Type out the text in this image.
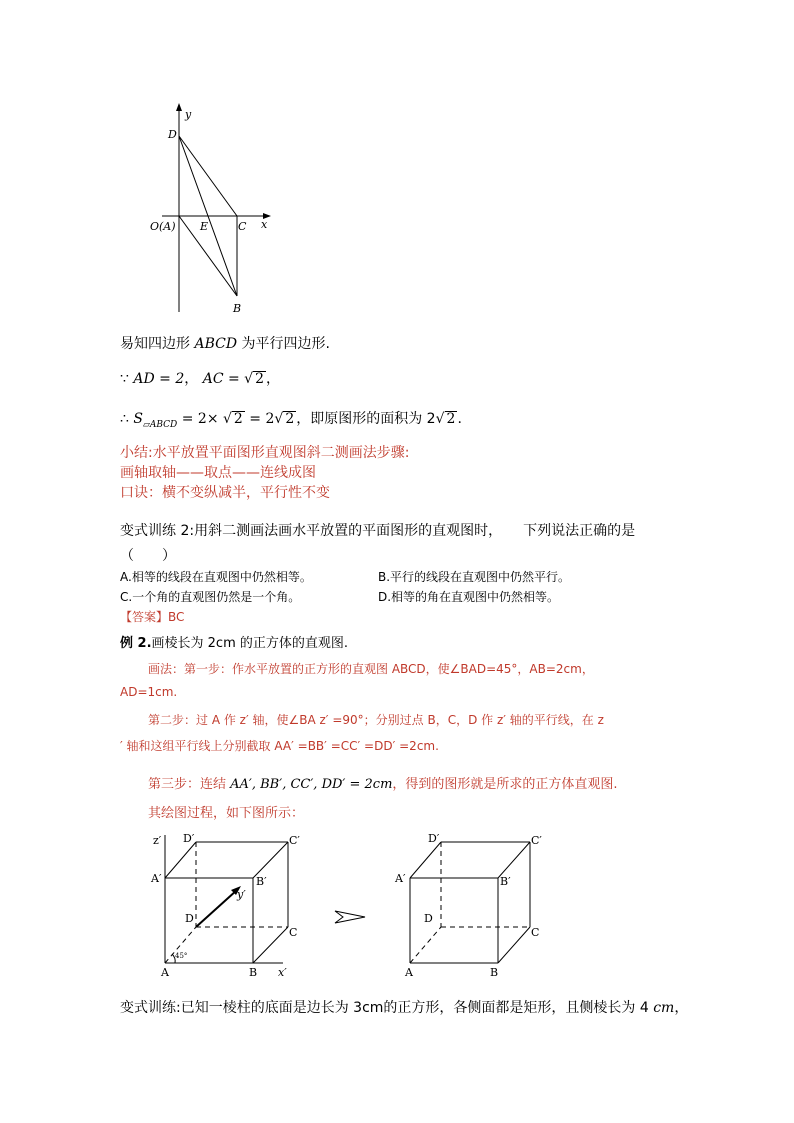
y
x
D
O(A) E	C
B
易知四边形 ABCD 为平行四边形.
∵ AD = 2， AC = √ 2 ，
∴ $S_{▱ABCD} = 2\times$ √ 2 = 2√ 2 ，即原图形的面积为 2√ 2 .
小结:水平放置平面图形直观图斜二测画法步骤:
画轴取轴——取点——连线成图
口诀：横不变纵减半，平行性不变
变式训练 2:用斜二测画法画水平放置的平面图形的直观图时，　　下列说法正确的是
（　　）
A.相等的线段在直观图中仍然相等。	B.平行的线段在直观图中仍然平行。
C.一个角的直观图仍然是一个角。	D.相等的角在直观图中仍然相等。
【答案】BC
例 2.画棱长为 2cm 的正方体的直观图.
画法：第一步：作水平放置的正方形的直观图 ABCD，使∠BAD=45°，AB=2cm，
AD=1cm.
第二步：过 A 作 z′ 轴，使∠BA z′ =90°；分别过点 B，C，D 作 z′ 轴的平行线，在 z
′ 轴和这组平行线上分别截取 AA′ =BB′ =CC′ =DD′ =2cm.
第三步：连结 AA′, BB′, CC′, DD′ = 2cm，得到的图形就是所求的正方体直观图.
其绘图过程，如下图所示：
z′ D′	C′
A′	B′
y′
D
C
45°
A	B x′
D′	C′
A′	B′
D
C
A	B
变式训练:已知一棱柱的底面是边长为 3cm的正方形，各侧面都是矩形，且侧棱长为 4 cm，
